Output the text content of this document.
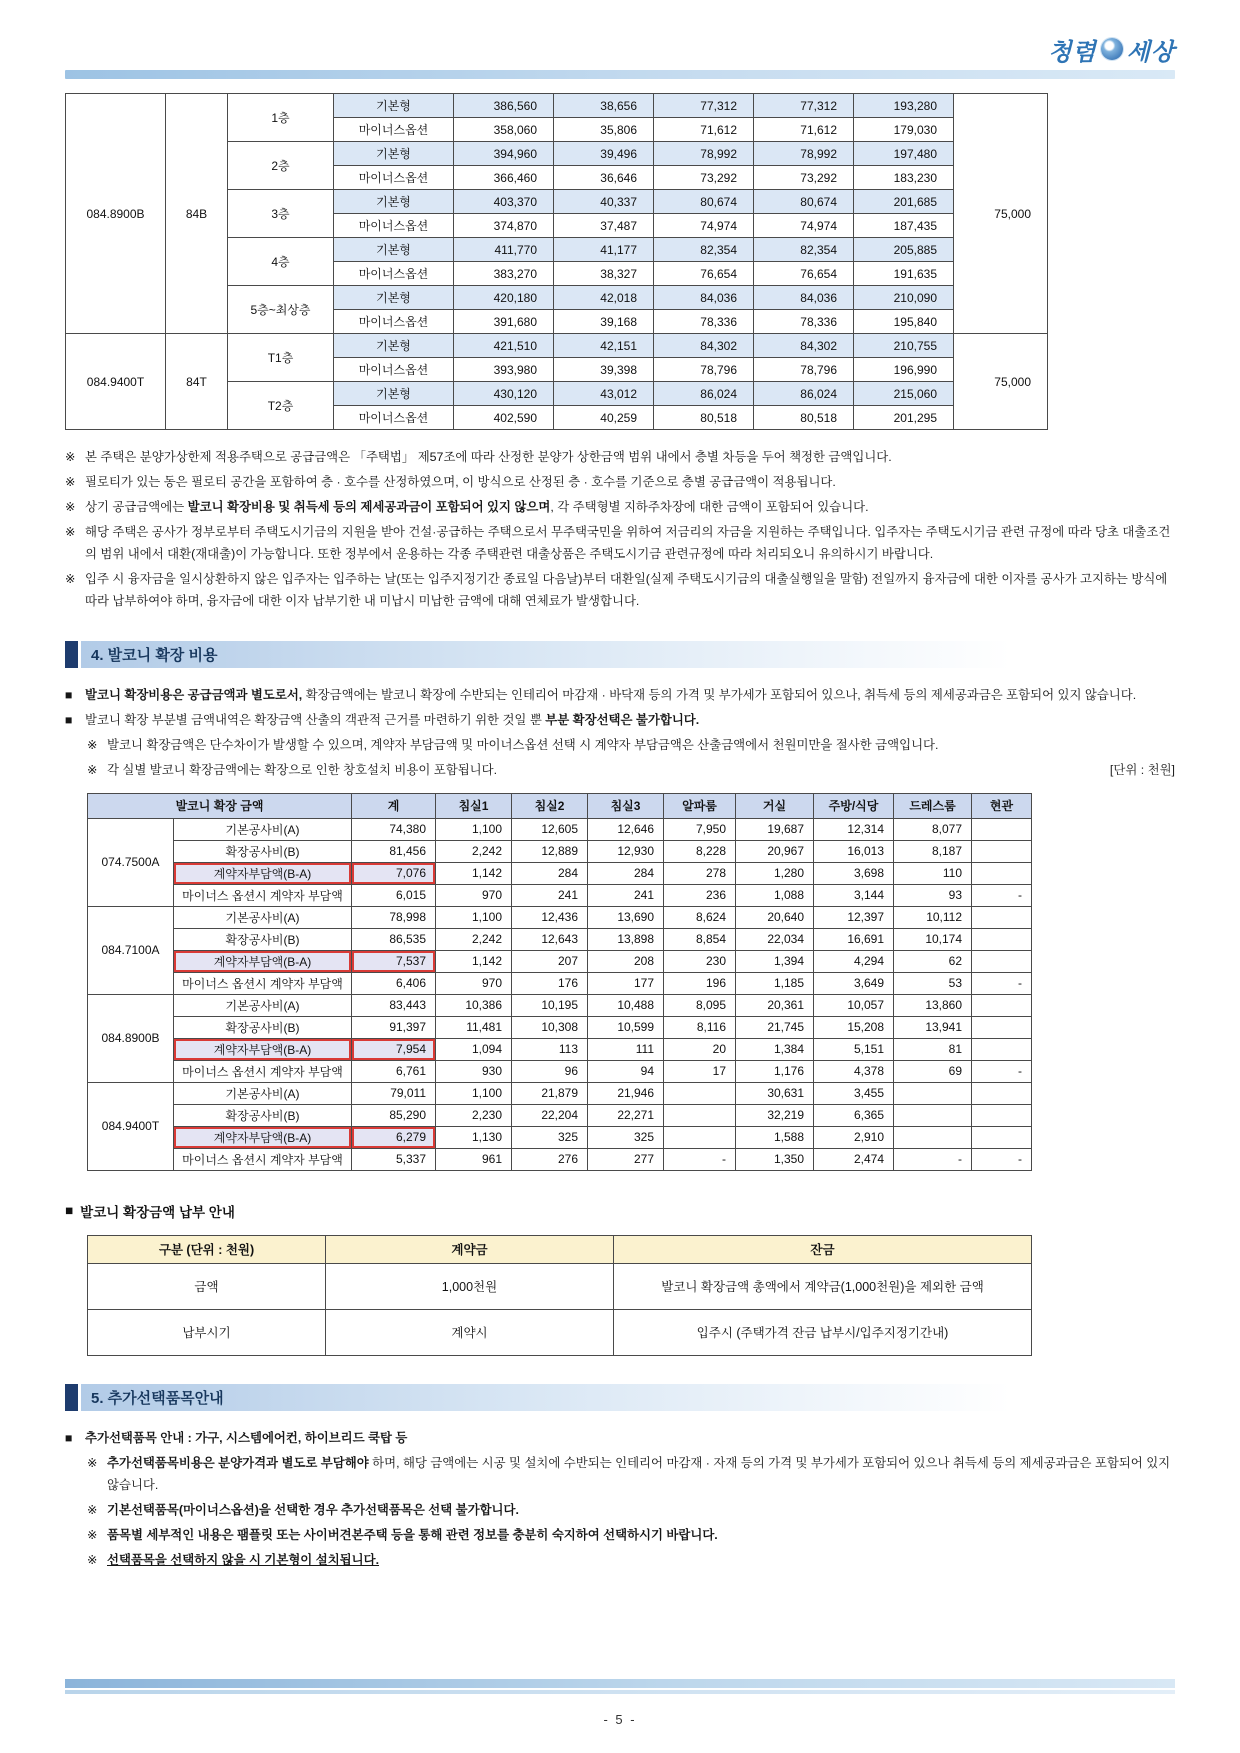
청렴 세상
084.8900B	84B	1층	기본형	386,560	38,656	77,312	77,312	193,280	75,000
			마이너스옵션	358,060	35,806	71,612	71,612	179,030	
		2층	기본형	394,960	39,496	78,992	78,992	197,480	
			마이너스옵션	366,460	36,646	73,292	73,292	183,230	
		3층	기본형	403,370	40,337	80,674	80,674	201,685	
			마이너스옵션	374,870	37,487	74,974	74,974	187,435	
		4층	기본형	411,770	41,177	82,354	82,354	205,885	
			마이너스옵션	383,270	38,327	76,654	76,654	191,635	
		5층~최상층	기본형	420,180	42,018	84,036	84,036	210,090	
			마이너스옵션	391,680	39,168	78,336	78,336	195,840	
084.9400T	84T	T1층	기본형	421,510	42,151	84,302	84,302	210,755	75,000
			마이너스옵션	393,980	39,398	78,796	78,796	196,990	
		T2층	기본형	430,120	43,012	86,024	86,024	215,060	
			마이너스옵션	402,590	40,259	80,518	80,518	201,295	
※ 본 주택은 분양가상한제 적용주택으로 공급금액은 「주택법」 제57조에 따라 산정한 분양가 상한금액 범위 내에서 층별 차등을 두어 책정한 금액입니다.
※ 필로티가 있는 동은 필로티 공간을 포함하여 층 · 호수를 산정하였으며, 이 방식으로 산정된 층 · 호수를 기준으로 층별 공급금액이 적용됩니다.
※ 상기 공급금액에는 발코니 확장비용 및 취득세 등의 제세공과금이 포함되어 있지 않으며, 각 주택형별 지하주차장에 대한 금액이 포함되어 있습니다.
※ 해당 주택은 공사가 정부로부터 주택도시기금의 지원을 받아 건설·공급하는 주택으로서 무주택국민을 위하여 저금리의 자금을 지원하는 주택입니다. 입주자는 주택도시기금 관련 규정에 따라 당초 대출조건의 범위 내에서 대환(재대출)이 가능합니다. 또한 정부에서 운용하는 각종 주택관련 대출상품은 주택도시기금 관련규정에 따라 처리되오니 유의하시기 바랍니다.
※ 입주 시 융자금을 일시상환하지 않은 입주자는 입주하는 날(또는 입주지정기간 종료일 다음날)부터 대환일(실제 주택도시기금의 대출실행일을 말함) 전일까지 융자금에 대한 이자를 공사가 고지하는 방식에 따라 납부하여야 하며, 융자금에 대한 이자 납부기한 내 미납시 미납한 금액에 대해 연체료가 발생합니다.
4. 발코니 확장 비용
■	발코니 확장비용은 공급금액과 별도로서, 확장금액에는 발코니 확장에 수반되는 인테리어 마감재 · 바닥재 등의 가격 및 부가세가 포함되어 있으나, 취득세 등의 제세공과금은 포함되어 있지 않습니다.
■	발코니 확장 부분별 금액내역은 확장금액 산출의 객관적 근거를 마련하기 위한 것일 뿐 부분 확장선택은 불가합니다.
※ 발코니 확장금액은 단수차이가 발생할 수 있으며, 계약자 부담금액 및 마이너스옵션 선택 시 계약자 부담금액은 산출금액에서 천원미만을 절사한 금액입니다.
※ 각 실별 발코니 확장금액에는 확장으로 인한 창호설치 비용이 포함됩니다.	[단위 : 천원]
발코니 확장 금액		계	침실1	침실2	침실3	알파룸	거실	주방/식당	드레스룸	현관
074.7500A	기본공사비(A)	74,380	1,100	12,605	12,646	7,950	19,687	12,314	8,077	
	확장공사비(B)	81,456	2,242	12,889	12,930	8,228	20,967	16,013	8,187	
	계약자부담액(B-A)	7,076	1,142	284	284	278	1,280	3,698	110	
	마이너스 옵션시 계약자 부담액	6,015	970	241	241	236	1,088	3,144	93	-
084.7100A	기본공사비(A)	78,998	1,100	12,436	13,690	8,624	20,640	12,397	10,112	
	확장공사비(B)	86,535	2,242	12,643	13,898	8,854	22,034	16,691	10,174	
	계약자부담액(B-A)	7,537	1,142	207	208	230	1,394	4,294	62	
	마이너스 옵션시 계약자 부담액	6,406	970	176	177	196	1,185	3,649	53	-
084.8900B	기본공사비(A)	83,443	10,386	10,195	10,488	8,095	20,361	10,057	13,860	
	확장공사비(B)	91,397	11,481	10,308	10,599	8,116	21,745	15,208	13,941	
	계약자부담액(B-A)	7,954	1,094	113	111	20	1,384	5,151	81	
	마이너스 옵션시 계약자 부담액	6,761	930	96	94	17	1,176	4,378	69	-
084.9400T	기본공사비(A)	79,011	1,100	21,879	21,946		30,631	3,455		
	확장공사비(B)	85,290	2,230	22,204	22,271		32,219	6,365		
	계약자부담액(B-A)	6,279	1,130	325	325		1,588	2,910		
	마이너스 옵션시 계약자 부담액	5,337	961	276	277	-	1,350	2,474	-	-
■ 발코니 확장금액 납부 안내
구분 (단위 : 천원)	계약금	잔금
금액	1,000천원	발코니 확장금액 총액에서 계약금(1,000천원)을 제외한 금액
납부시기	계약시	입주시 (주택가격 잔금 납부시/입주지정기간내)
5. 추가선택품목안내
■	추가선택품목 안내 : 가구, 시스템에어컨, 하이브리드 쿡탑 등
※ 추가선택품목비용은 분양가격과 별도로 부담해야 하며, 해당 금액에는 시공 및 설치에 수반되는 인테리어 마감재 · 자재 등의 가격 및 부가세가 포함되어 있으나 취득세 등의 제세공과금은 포함되어 있지 않습니다.
※ 기본선택품목(마이너스옵션)을 선택한 경우 추가선택품목은 선택 불가합니다.
※ 품목별 세부적인 내용은 팸플릿 또는 사이버견본주택 등을 통해 관련 정보를 충분히 숙지하여 선택하시기 바랍니다.
※ 선택품목을 선택하지 않을 시 기본형이 설치됩니다.
- 5 -
